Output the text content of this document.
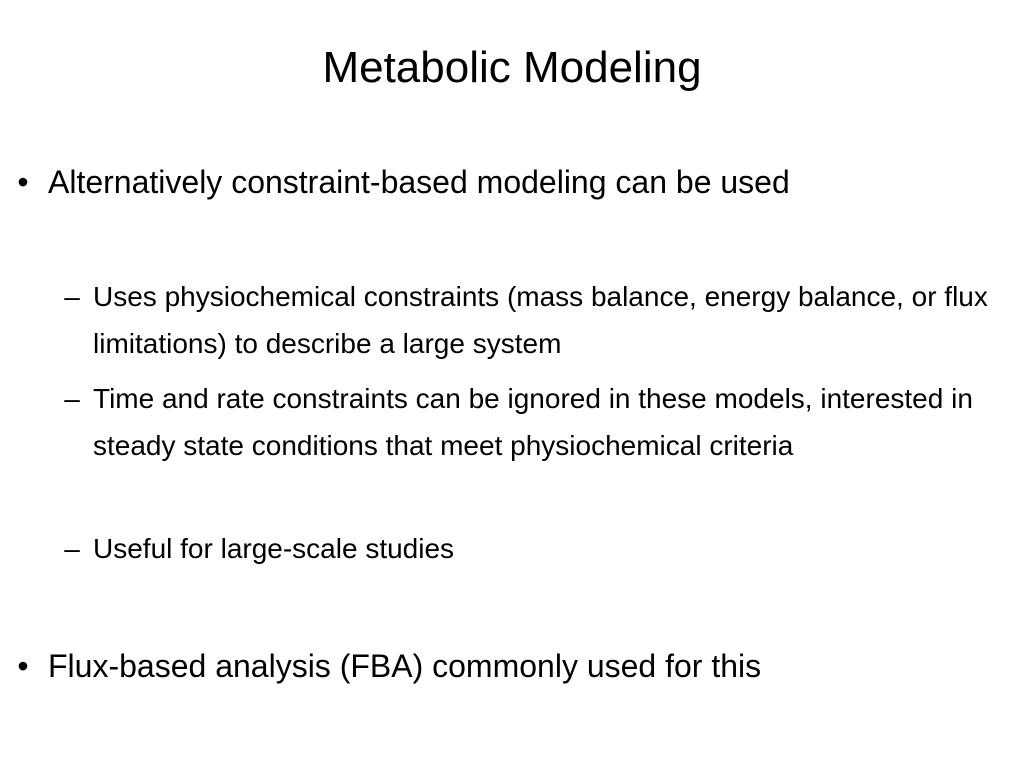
Metabolic Modeling
• Alternatively constraint-based modeling can be used
– Uses physiochemical constraints (mass balance, energy balance, or flux limitations) to describe a large system
– Time and rate constraints can be ignored in these models, interested in steady state conditions that meet physiochemical criteria
– Useful for large-scale studies
• Flux-based analysis (FBA) commonly used for this
